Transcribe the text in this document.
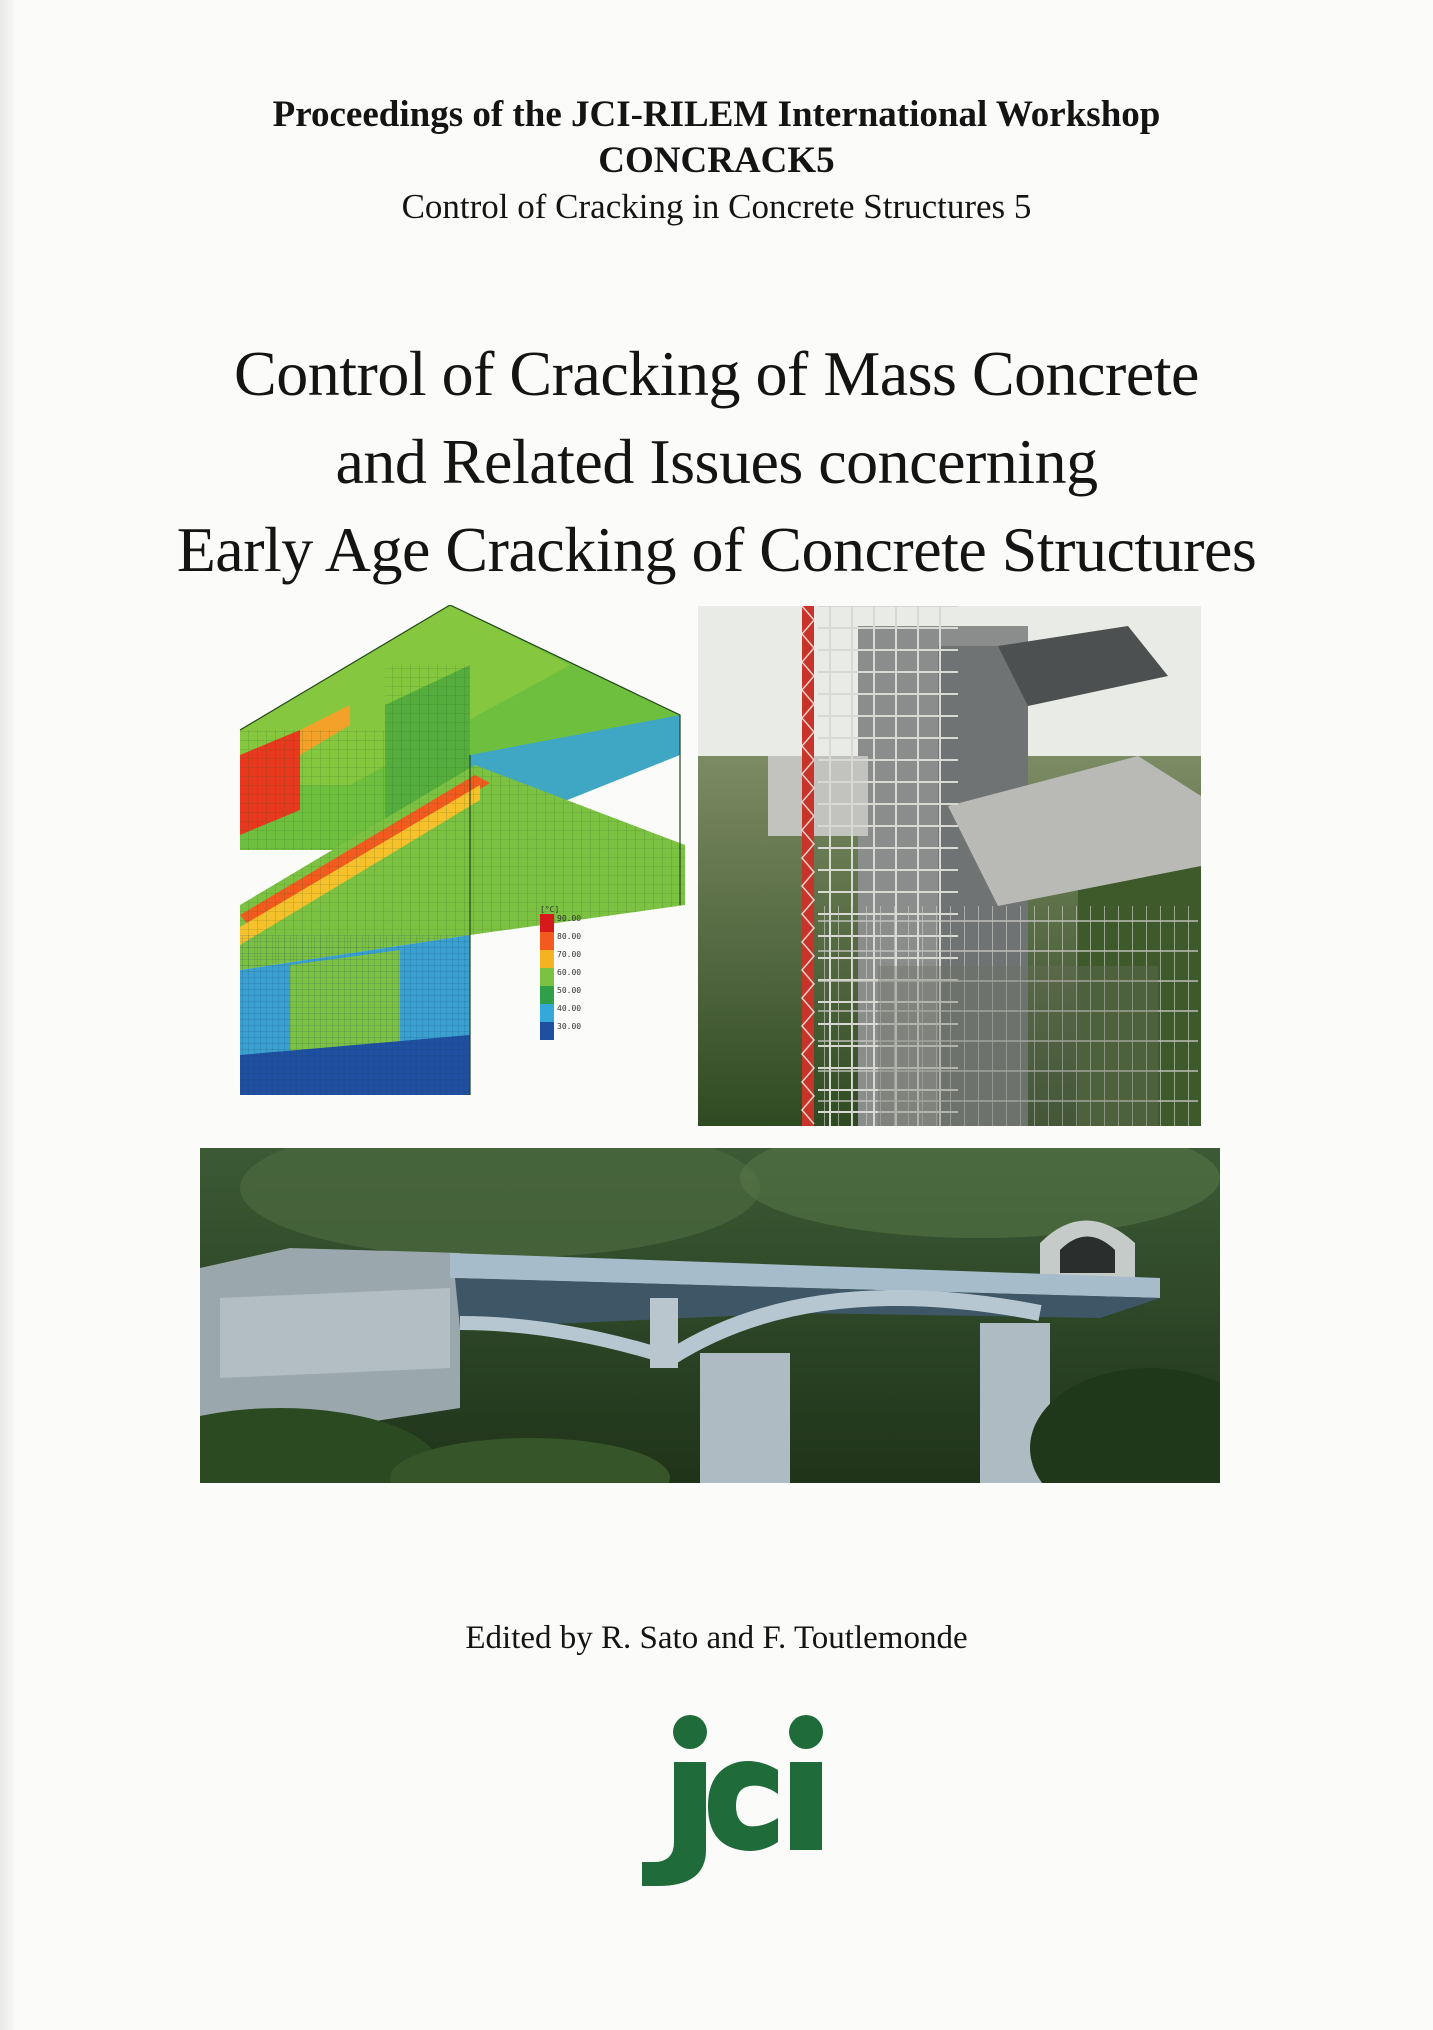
Proceedings of the JCI-RILEM International Workshop
CONCRACK5
Control of Cracking in Concrete Structures 5
Control of Cracking of Mass Concrete
and Related Issues concerning
Early Age Cracking of Concrete Structures
[°C]
90.00
80.00
70.00
60.00
50.00
40.00
30.00
Edited by R. Sato and F. Toutlemonde
